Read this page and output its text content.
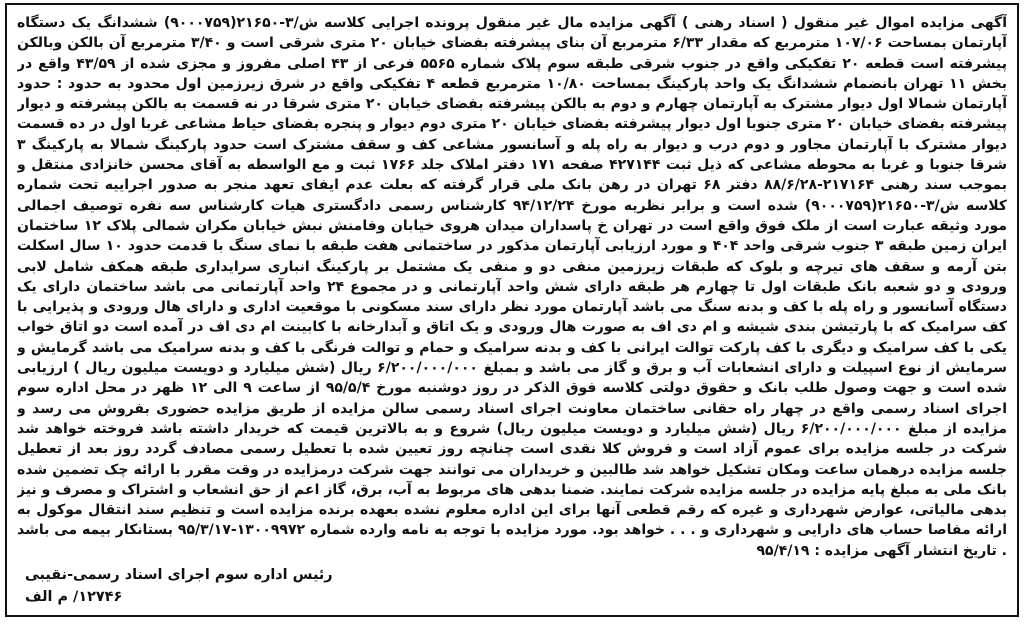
آگهی مزایده اموال غیر منقول ( اسناد رهنی ) آگهی مزایده مال غیر منقول پرونده اجرایی کلاسه ش/۳-۲۱۶۵۰(۹۰۰۰۷۵۹) ششدانگ یک دستگاه آپارتمان بمساحت ۱۰۷/۰۶ مترمربع که مقدار ۶/۳۳ مترمربع آن بنای پیشرفته بفضای خیابان ۲۰ متری شرقی است و ۳/۴۰ مترمربع آن بالکن وبالکن پیشرفته است قطعه ۲۰ تفکیکی واقع در جنوب شرقی طبقه سوم پلاک شماره ۵۵۶۵ فرعی از ۴۳ اصلی مفروز و مجزی شده از ۴۳/۵۹ واقع در بخش ۱۱ تهران بانضمام ششدانگ یک واحد پارکینگ بمساحت ۱۰/۸۰ مترمربع قطعه ۴ تفکیکی واقع در شرق زیرزمین اول محدود به حدود : حدود آپارتمان شمالا اول دیوار مشترک به آپارتمان چهارم و دوم به بالکن پیشرفته بفضای خیابان ۲۰ متری شرقا در نه قسمت به بالکن پیشرفته و دیوار پیشرفته بفضای خیابان ۲۰ متری جنوبا اول دیوار پیشرفته بفضای خیابان ۲۰ متری دوم دیوار و پنجره بفضای حیاط مشاعی غربا اول در ده قسمت دیوار مشترک با آپارتمان مجاور و دوم درب و دیوار به راه پله و آسانسور مشاعی کف و سقف مشترک است حدود پارکینگ شمالا به پارکینگ ۳ شرقا جنوبا و غربا به محوطه مشاعی که ذیل ثبت ۴۲۷۱۴۴ صفحه ۱۷۱ دفتر املاک جلد ۱۷۶۶ ثبت و مع الواسطه به آقای محسن خانزادی منتقل و بموجب سند رهنی ۲۱۷۱۶۴-۸۸/۶/۲۸ دفتر ۶۸ تهران در رهن بانک ملی قرار گرفته که بعلت عدم ایفای تعهد منجر به صدور اجراییه تحت شماره کلاسه ش/۳-۲۱۶۵۰(۹۰۰۰۷۵۹) شده است و برابر نظریه مورخ ۹۴/۱۲/۲۴ کارشناس رسمی دادگستری هیات کارشناس سه نفره توصیف اجمالی مورد وثیقه عبارت است از ملک فوق واقع است در تهران خ پاسداران میدان هروی خیابان وفامنش نبش خیابان مکران شمالی پلاک ۱۲ ساختمان ایران زمین طبقه ۳ جنوب شرقی واحد ۴۰۴ و مورد ارزیابی آپارتمان مذکور در ساختمانی هفت طبقه با نمای سنگ با قدمت حدود ۱۰ سال اسکلت بتن آرمه و سقف های تیرچه و بلوک که طبقات زیرزمین منفی دو و منفی یک مشتمل بر پارکینگ انباری سرایداری طبقه همکف شامل لابی ورودی و دو شعبه بانک طبقات اول تا چهارم هر طبقه دارای شش واحد آپارتمانی و در مجموع ۲۴ واحد آپارتمانی می باشد ساختمان دارای یک دستگاه آسانسور و راه پله با کف و بدنه سنگ می باشد آپارتمان مورد نظر دارای سند مسکونی با موقعیت اداری و دارای هال ورودی و پذیرایی با کف سرامیک که با پارتیشن بندی شیشه و ام دی اف به صورت هال ورودی و یک اتاق و آبدارخانه با کابینت ام دی اف در آمده است دو اتاق خواب یکی با کف سرامیک و دیگری با کف پارکت توالت ایرانی با کف و بدنه سرامیک و حمام و توالت فرنگی با کف و بدنه سرامیک می باشد گرمایش و سرمایش از نوع اسپیلت و دارای انشعابات آب و برق و گاز می باشد و بمبلغ ۶/۲۰۰/۰۰۰/۰۰۰ ریال (شش میلیارد و دویست میلیون ریال ) ارزیابی شده است و جهت وصول طلب بانک و حقوق دولتی کلاسه فوق الذکر در روز دوشنبه مورخ ۹۵/۵/۴ از ساعت ۹ الی ۱۲ ظهر در محل اداره سوم اجرای اسناد رسمی واقع در چهار راه حقانی ساختمان معاونت اجرای اسناد رسمی سالن مزایده از طریق مزایده حضوری بفروش می رسد و مزایده از مبلغ ۶/۲۰۰/۰۰۰/۰۰۰ ریال (شش میلیارد و دویست میلیون ریال) شروع و به بالاترین قیمت که خریدار داشته باشد فروخته خواهد شد شرکت در جلسه مزایده برای عموم آزاد است و فروش کلا نقدی است چنانچه روز تعیین شده با تعطیل رسمی مصادف گردد روز بعد از تعطیل جلسه مزایده درهمان ساعت ومکان تشکیل خواهد شد طالبین و خریداران می توانند جهت شرکت درمزایده در وقت مقرر با ارائه چک تضمین شده بانک ملی به مبلغ پایه مزایده در جلسه مزایده شرکت نمایند. ضمنا بدهی های مربوط به آب، برق، گاز اعم از حق انشعاب و اشتراک و مصرف و نیز بدهی مالیاتی، عوارض شهرداری و غیره که رقم قطعی آنها برای این اداره معلوم نشده بعهده برنده مزایده است و تنظیم سند انتقال موکول به ارائه مفاصا حساب های دارایی و شهرداری و . . . خواهد بود. مورد مزایده با توجه به نامه وارده شماره ۱۳۰۰۹۹۷۲-۹۵/۳/۱۷ بستانکار بیمه می باشد . تاریخ انتشار آگهی مزایده : ۹۵/۴/۱۹

رئیس اداره سوم اجرای اسناد رسمی-نقیبی
۱۲۷۴۶/ م الف
